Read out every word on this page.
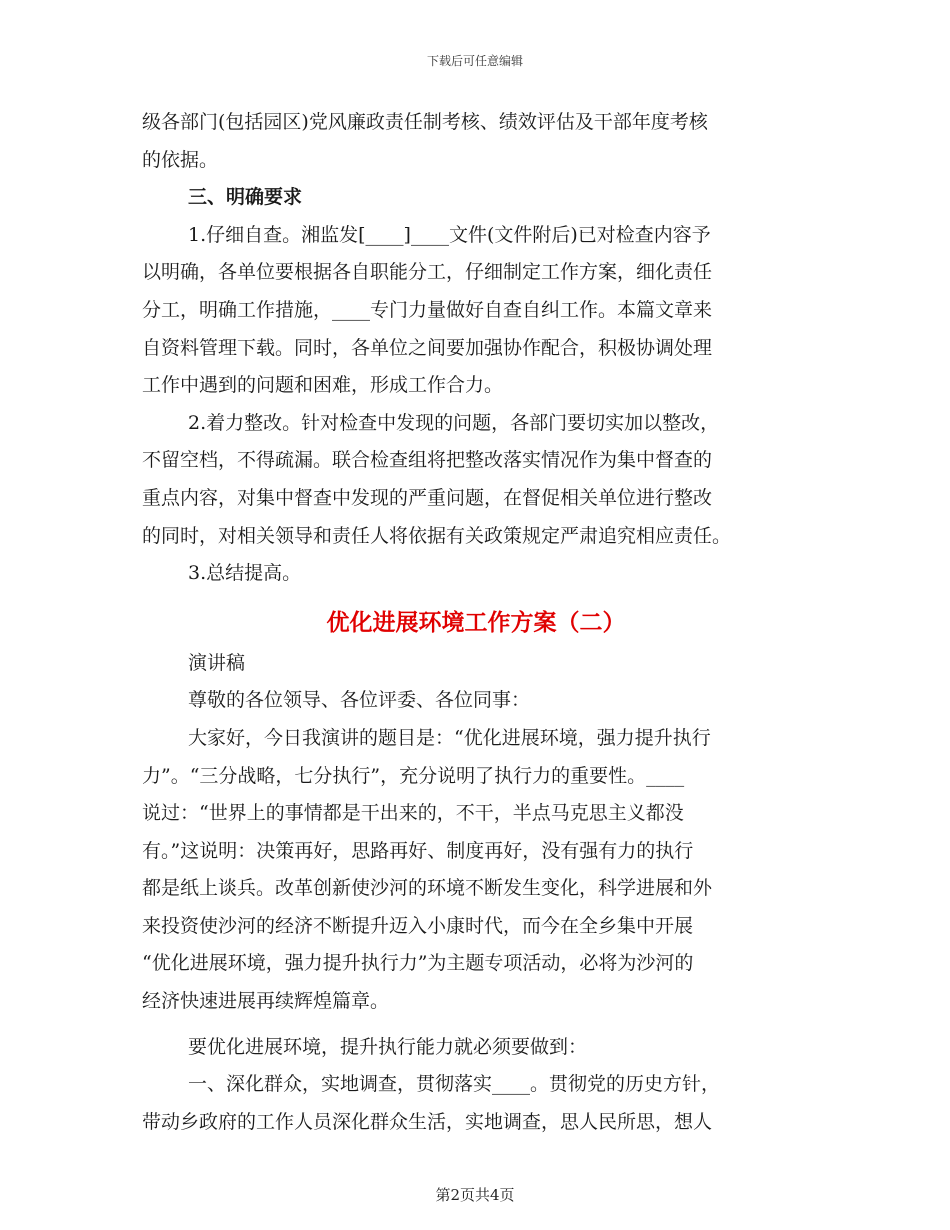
下载后可任意编辑

级各部门(包括园区)党风廉政责任制考核、绩效评估及干部年度考核

的依据。

三、明确要求

1.仔细自查。湘监发[____]____文件(文件附后)已对检查内容予

以明确，各单位要根据各自职能分工，仔细制定工作方案，细化责任

分工，明确工作措施，____专门力量做好自查自纠工作。本篇文章来

自资料管理下载。同时，各单位之间要加强协作配合，积极协调处理

工作中遇到的问题和困难，形成工作合力。

2.着力整改。针对检查中发现的问题，各部门要切实加以整改，

不留空档，不得疏漏。联合检查组将把整改落实情况作为集中督查的

重点内容，对集中督查中发现的严重问题，在督促相关单位进行整改

的同时，对相关领导和责任人将依据有关政策规定严肃追究相应责任。

3.总结提高。

优化进展环境工作方案（二）

演讲稿

尊敬的各位领导、各位评委、各位同事：

大家好，今日我演讲的题目是：“优化进展环境，强力提升执行

力”。“三分战略，七分执行”，充分说明了执行力的重要性。____

说过：“世界上的事情都是干出来的，不干，半点马克思主义都没

有。”这说明：决策再好，思路再好、制度再好，没有强有力的执行

都是纸上谈兵。改革创新使沙河的环境不断发生变化，科学进展和外

来投资使沙河的经济不断提升迈入小康时代，而今在全乡集中开展

“优化进展环境，强力提升执行力”为主题专项活动，必将为沙河的

经济快速进展再续辉煌篇章。

要优化进展环境，提升执行能力就必须要做到：

一、深化群众，实地调查，贯彻落实____。贯彻党的历史方针，

带动乡政府的工作人员深化群众生活，实地调查，思人民所思，想人

第2页共4页
